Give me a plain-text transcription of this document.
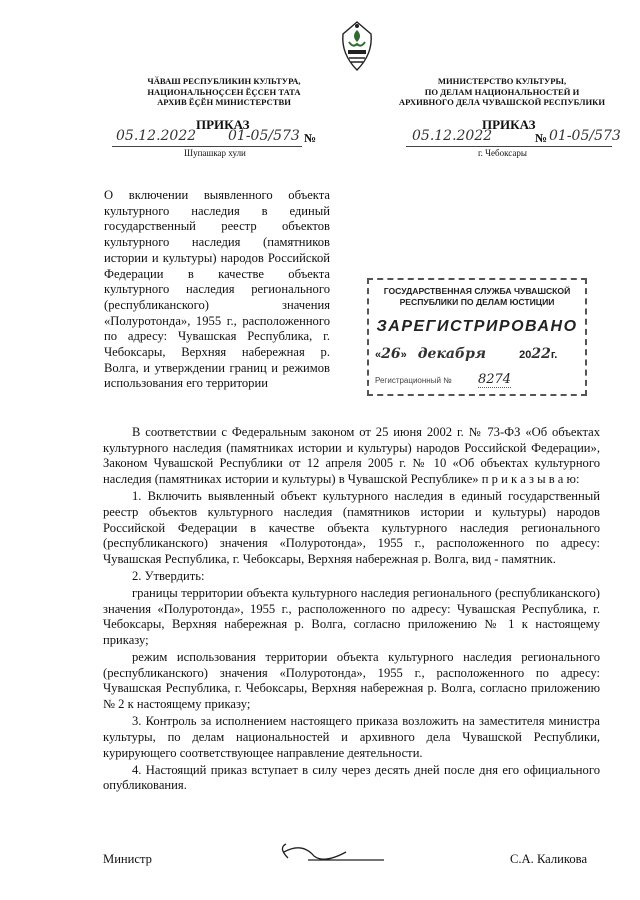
ЧӐВАШ РЕСПУБЛИКИН КУЛЬТУРА,
НАЦИОНАЛЬНОҪСЕН ӖҪСЕН ТАТА
АРХИВ ӖҪӖН МИНИСТЕРСТВИ
МИНИСТЕРСТВО КУЛЬТУРЫ,
ПО ДЕЛАМ НАЦИОНАЛЬНОСТЕЙ И
АРХИВНОГО ДЕЛА ЧУВАШСКОЙ РЕСПУБЛИКИ
ПРИКАЗ	ПРИКАЗ
05.12.2022 01-05/573 №
Шупашкар хули
05.12.2022	№ 01-05/573
г. Чебоксары
О включении выявленного объекта культурного наследия в единый государственный реестр объектов культурного наследия (памятников истории и культуры) народов Российской Федерации в качестве объекта культурного наследия регионального (республиканского) значения «Полуротонда», 1955 г., расположенного по адресу: Чувашская Республика, г. Чебоксары, Верхняя набережная р. Волга, и утверждении границ и режимов использования его территории
ГОСУДАРСТВЕННАЯ СЛУЖБА ЧУВАШСКОЙ
РЕСПУБЛИКИ ПО ДЕЛАМ ЮСТИЦИИ
ЗАРЕГИСТРИРОВАНО
«26» декабря	2022г.
Регистрационный № 8274

В соответствии с Федеральным законом от 25 июня 2002 г. № 73-ФЗ «Об объектах культурного наследия (памятниках истории и культуры) народов Российской Федерации», Законом Чувашской Республики от 12 апреля 2005 г. № 10 «Об объектах культурного наследия (памятниках истории и культуры) в Чувашской Республике» п р и к а з ы в а ю:

1. Включить выявленный объект культурного наследия в единый государственный реестр объектов культурного наследия (памятников истории и культуры) народов Российской Федерации в качестве объекта культурного наследия регионального (республиканского) значения «Полуротонда», 1955 г., расположенного по адресу: Чувашская Республика, г. Чебоксары, Верхняя набережная р. Волга, вид - памятник.

2. Утвердить:

границы территории объекта культурного наследия регионального (республиканского) значения «Полуротонда», 1955 г., расположенного по адресу: Чувашская Республика, г. Чебоксары, Верхняя набережная р. Волга, согласно приложению № 1 к настоящему приказу;

режим использования территории объекта культурного наследия регионального (республиканского) значения «Полуротонда», 1955 г., расположенного по адресу: Чувашская Республика, г. Чебоксары, Верхняя набережная р. Волга, согласно приложению № 2 к настоящему приказу;

3. Контроль за исполнением настоящего приказа возложить на заместителя министра культуры, по делам национальностей и архивного дела Чувашской Республики, курирующего соответствующее направление деятельности.

4. Настоящий приказ вступает в силу через десять дней после дня его официального опубликования.

Министр	С.А. Каликова
